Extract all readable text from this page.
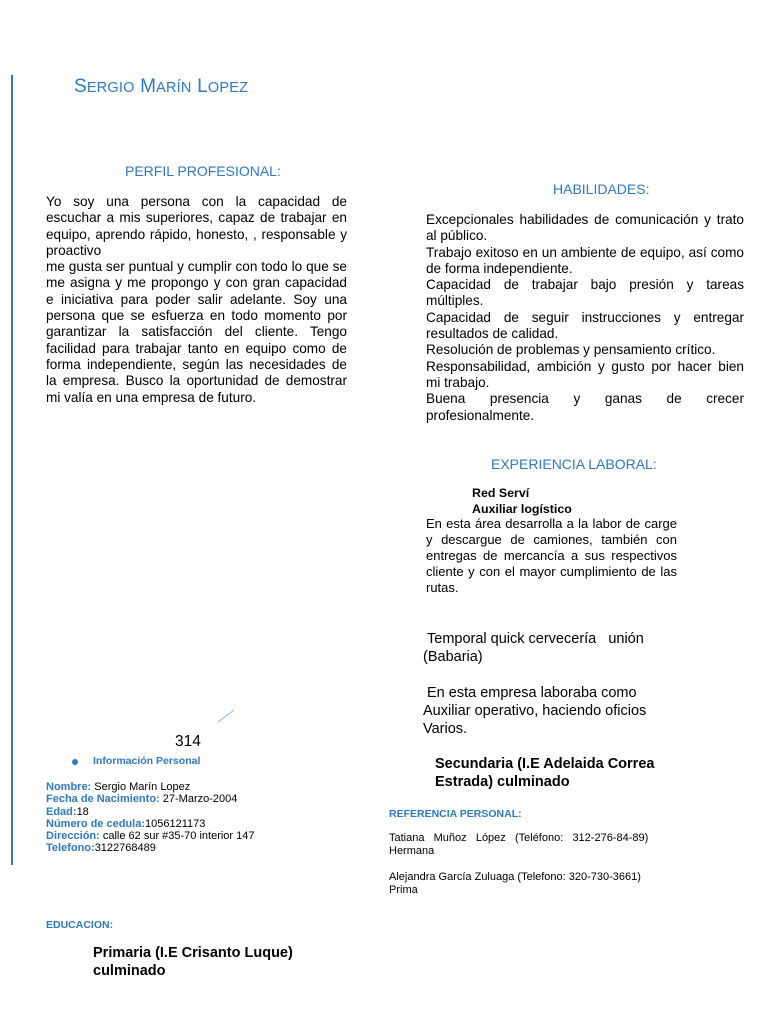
SERGIO MARÍN LOPEZ
PERFIL PROFESIONAL:

Yo soy una persona con la capacidad de escuchar a mis superiores, capaz de trabajar en equipo, aprendo rápido, honesto, , responsable y proactivo

me gusta ser puntual y cumplir con todo lo que se me asigna y me propongo y con gran capacidad e iniciativa para poder salir adelante. Soy una persona que se esfuerza en todo momento por garantizar la satisfacción del cliente. Tengo facilidad para trabajar tanto en equipo como de forma independiente, según las necesidades de la empresa. Busco la oportunidad de demostrar mi valía en una empresa de futuro.

HABILIDADES:

Excepcionales habilidades de comunicación y trato al público.

Trabajo exitoso en un ambiente de equipo, así como de forma independiente.

Capacidad de trabajar bajo presión y tareas múltiples.

Capacidad de seguir instrucciones y entregar resultados de calidad.

Resolución de problemas y pensamiento crítico.

Responsabilidad, ambición y gusto por hacer bien mi trabajo.

Buena presencia y ganas de crecer profesionalmente.

EXPERIENCIA LABORAL:
Red Serví
Auxiliar logístico
En esta área desarrolla a la labor de carge y descargue de camiones, también con entregas de mercancía a sus respectivos cliente y con el mayor cumplimiento de las rutas.
Temporal quick cervecería   unión
(Babaria)
En esta empresa laboraba como
Auxiliar operativo, haciendo oficios
Varios.
314
Información Personal
Nombre: Sergio Marín Lopez
Fecha de Nacimiento: 27-Marzo-2004
Edad:18
Número de cedula:1056121173
Dirección: calle 62 sur #35-70 interior 147
Telefono:3122768489
EDUCACION:
Primaria (I.E Crisanto Luque)
culminado
Secundaria (I.E Adelaida Correa
Estrada) culminado
REFERENCIA PERSONAL:
Tatiana   Muñoz   López   (Teléfono:   312-276-84-89)
Hermana
Alejandra García Zuluaga (Telefono: 320-730-3661)
Prima
